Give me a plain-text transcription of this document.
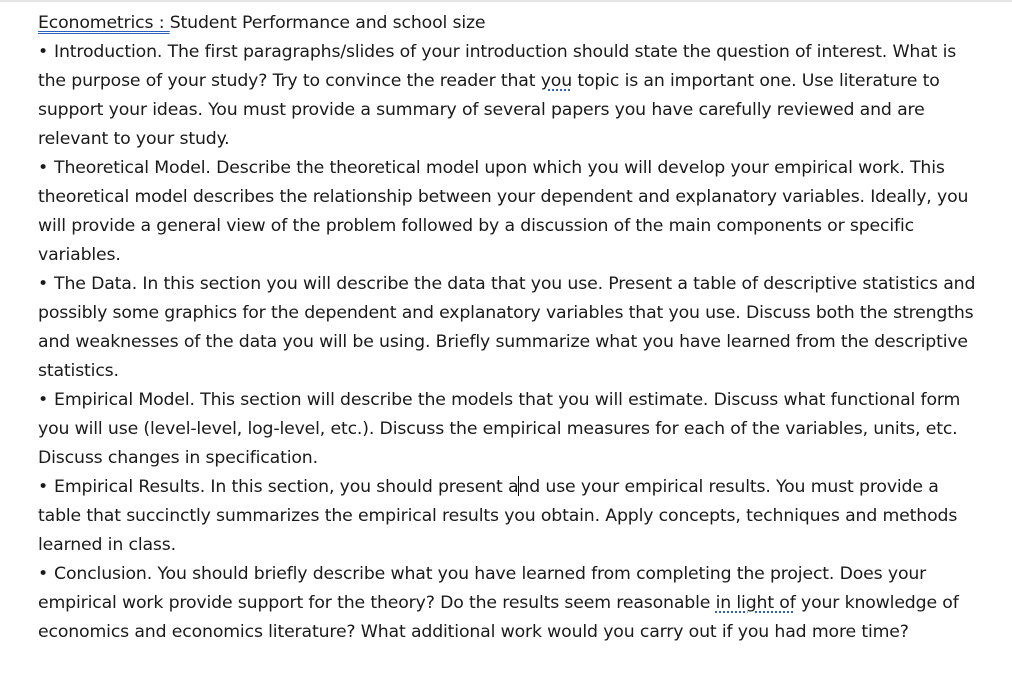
Econometrics : Student Performance and school size

• Introduction. The first paragraphs/slides of your introduction should state the question of interest. What is the purpose of your study? Try to convince the reader that you topic is an important one. Use literature to support your ideas. You must provide a summary of several papers you have carefully reviewed and are relevant to your study.

• Theoretical Model. Describe the theoretical model upon which you will develop your empirical work. This theoretical model describes the relationship between your dependent and explanatory variables. Ideally, you will provide a general view of the problem followed by a discussion of the main components or specific variables.

• The Data. In this section you will describe the data that you use. Present a table of descriptive statistics and possibly some graphics for the dependent and explanatory variables that you use. Discuss both the strengths and weaknesses of the data you will be using. Briefly summarize what you have learned from the descriptive statistics.

• Empirical Model. This section will describe the models that you will estimate. Discuss what functional form you will use (level-level, log-level, etc.). Discuss the empirical measures for each of the variables, units, etc. Discuss changes in specification.

• Empirical Results. In this section, you should present and use your empirical results. You must provide a table that succinctly summarizes the empirical results you obtain. Apply concepts, techniques and methods learned in class.

• Conclusion. You should briefly describe what you have learned from completing the project. Does your empirical work provide support for the theory? Do the results seem reasonable in light of your knowledge of economics and economics literature? What additional work would you carry out if you had more time?
